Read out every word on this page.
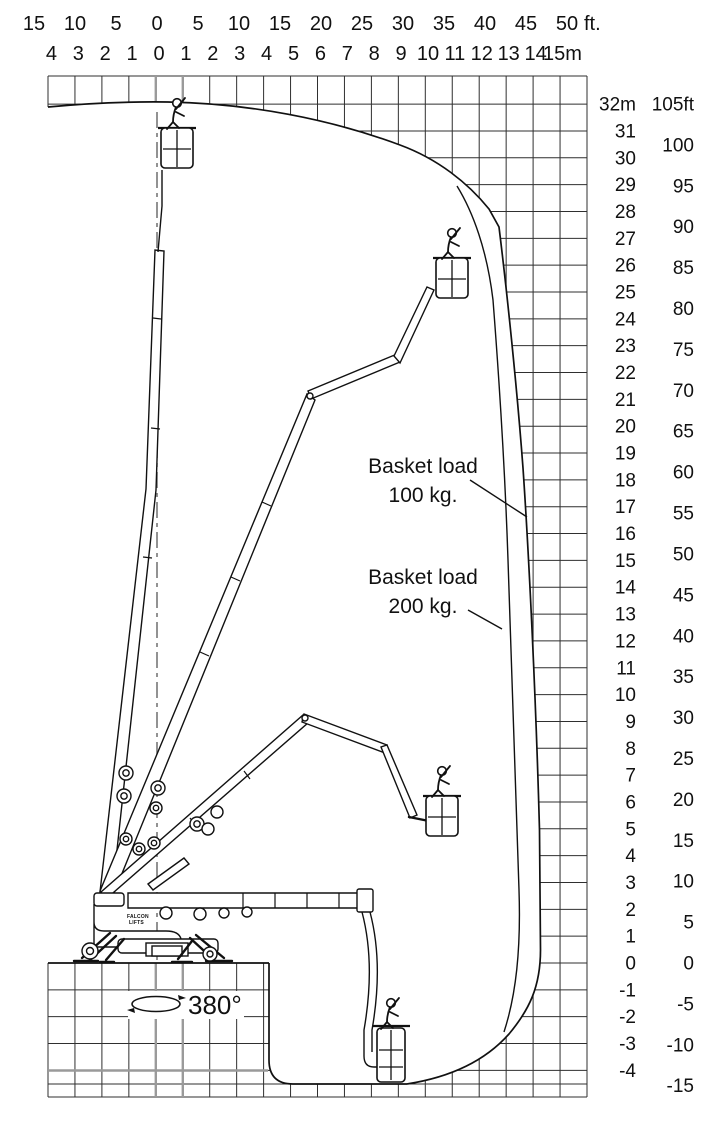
Basket load
100 kg.
Basket load
200 kg.
FALCON
LIFTS
380°
15 10 5 0 5 10 15 20 25 30 35 40 45 50 ft.
4 3 2 1 0 1 2 3 4 5 6 7 8 9 10 11 12 13 14
15m
32m
31
30
29
28
27
26
25
24
23
22
21
20
19
18
17
16
15
14
13
12
11
10
9
8
7
6
5
4
3
2
1
0
-1
-2
-3
-4
105ft
100
95
90
85
80
75
70
65
60
55
50
45
40
35
30
25
20
15
10
5
0
-5
-10
-15
